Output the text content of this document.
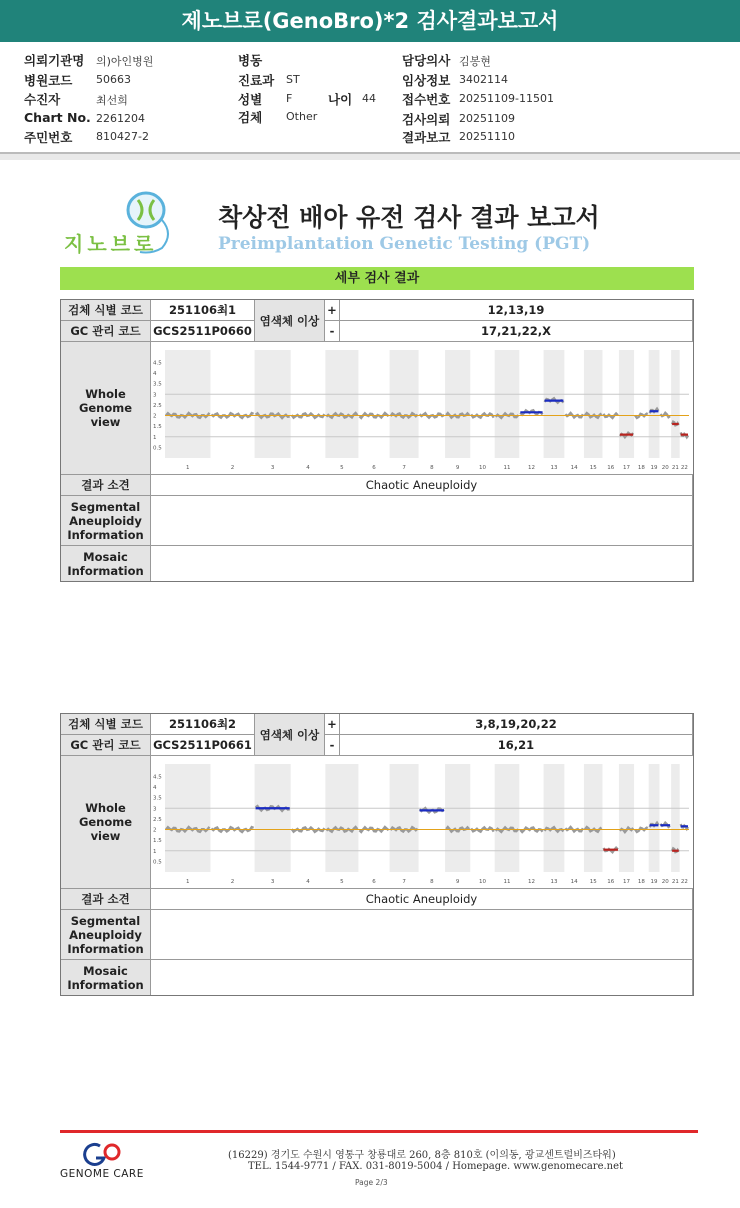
제노브로(GenoBro)*2 검사결과보고서
의뢰기관명 의)아인병원
병원코드 50663
수진자	최선희
Chart No. 2261204
주민번호 810427-2
병동
진료과 ST
성별 F	나이 44
검체 Other
담당의사 김봉현
임상정보 3402114
접수번호 20251109-11501
검사의뢰 20251109
결과보고 20251110
지노브로
착상전 배아 유전 검사 결과 보고서
Preimplantation Genetic Testing (PGT)
세부 검사 결과
검체 식별 코드	251106최1
염색체 이상
+	12,13,19
GC 관리 코드	GCS2511P0660	-	17,21,22,X
Whole Genome view
4.5
4
3.5
3
2.5
2
1.5
1
0.5
1	2	3	4	5	6	7	8	9	10	11	12	13 14 15 16 17 18 19 20 21 22
결과 소견	Chaotic Aneuploidy
Segmental Aneuploidy Information
Mosaic Information
검체 식별 코드	251106최2
염색체 이상
+	3,8,19,20,22
GC 관리 코드	GCS2511P0661	-	16,21
Whole Genome view
4.5
4
3.5
3
2.5
2
1.5
1
0.5
1	2	3	4	5	6	7	8	9	10	11	12	13 14 15 16 17 18 19 20 21 22
결과 소견	Chaotic Aneuploidy
Segmental Aneuploidy Information
Mosaic Information
GENOME CARE
(16229) 경기도 수원시 영통구 창룡대로 260, 8층 810호 (이의동, 광교센트럴비즈타워)
TEL. 1544-9771 / FAX. 031-8019-5004 / Homepage. www.genomecare.net
Page 2/3
